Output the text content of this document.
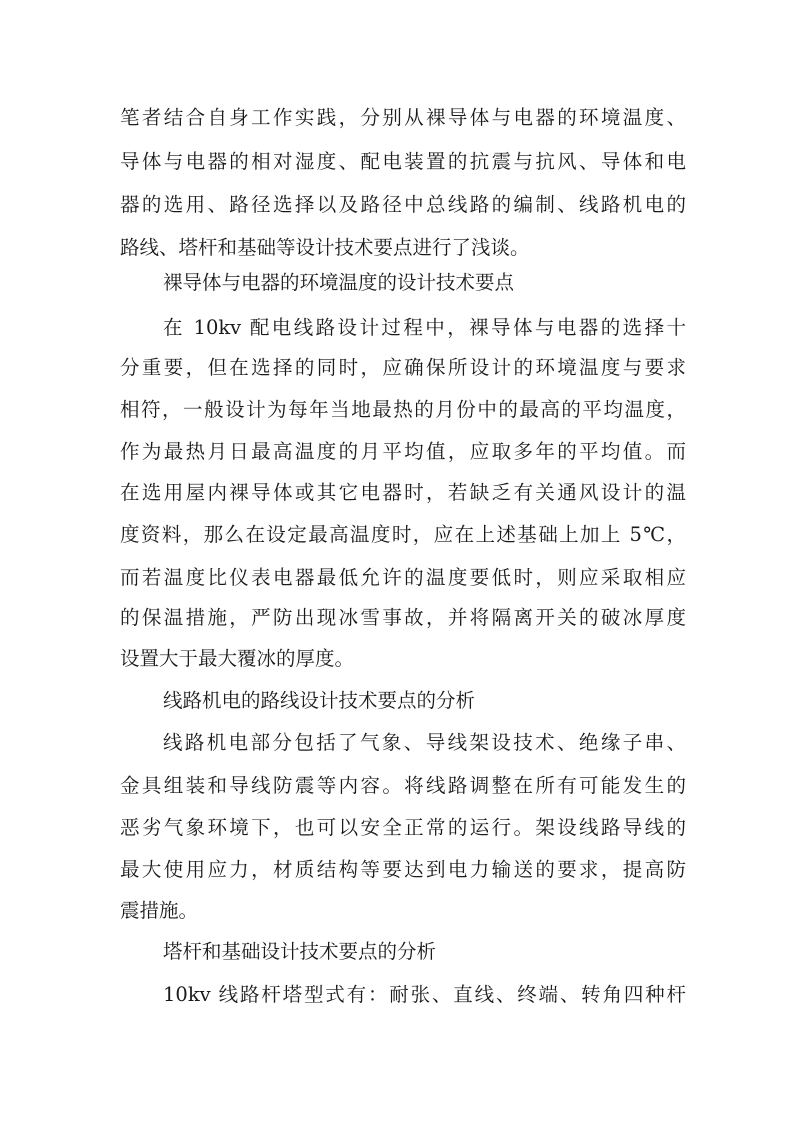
笔者结合自身工作实践，分别从裸导体与电器的环境温度、
导体与电器的相对湿度、配电装置的抗震与抗风、导体和电
器的选用、路径选择以及路径中总线路的编制、线路机电的
路线、塔杆和基础等设计技术要点进行了浅谈。
裸导体与电器的环境温度的设计技术要点
在 10kv 配电线路设计过程中，裸导体与电器的选择十
分重要，但在选择的同时，应确保所设计的环境温度与要求
相符，一般设计为每年当地最热的月份中的最高的平均温度，
作为最热月日最高温度的月平均值，应取多年的平均值。而
在选用屋内裸导体或其它电器时，若缺乏有关通风设计的温
度资料，那么在设定最高温度时，应在上述基础上加上 5℃，
而若温度比仪表电器最低允许的温度要低时，则应采取相应
的保温措施，严防出现冰雪事故，并将隔离开关的破冰厚度
设置大于最大覆冰的厚度。
线路机电的路线设计技术要点的分析
线路机电部分包括了气象、导线架设技术、绝缘子串、
金具组装和导线防震等内容。将线路调整在所有可能发生的
恶劣气象环境下，也可以安全正常的运行。架设线路导线的
最大使用应力，材质结构等要达到电力输送的要求，提高防
震措施。
塔杆和基础设计技术要点的分析
10kv 线路杆塔型式有：耐张、直线、终端、转角四种杆
